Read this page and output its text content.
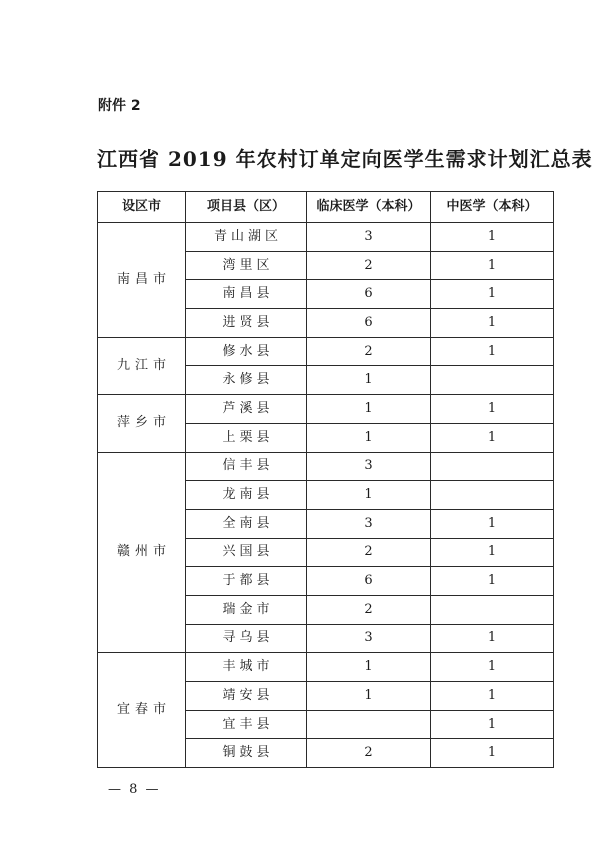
附件 2
江西省 2019 年农村订单定向医学生需求计划汇总表
设区市	项目县（区）	临床医学（本科）	中医学（本科）
南昌市	青山湖区	3	1
	湾里区	2	1
	南昌县	6	1
	进贤县	6	1
九江市	修水县	2	1
	永修县	1	
萍乡市	芦溪县	1	1
	上栗县	1	1
赣州市	信丰县	3	
	龙南县	1	
	全南县	3	1
	兴国县	2	1
	于都县	6	1
	瑞金市	2	
	寻乌县	3	1
宜春市	丰城市	1	1
	靖安县	1	1
	宜丰县		1
	铜鼓县	2	1
— 8 —
